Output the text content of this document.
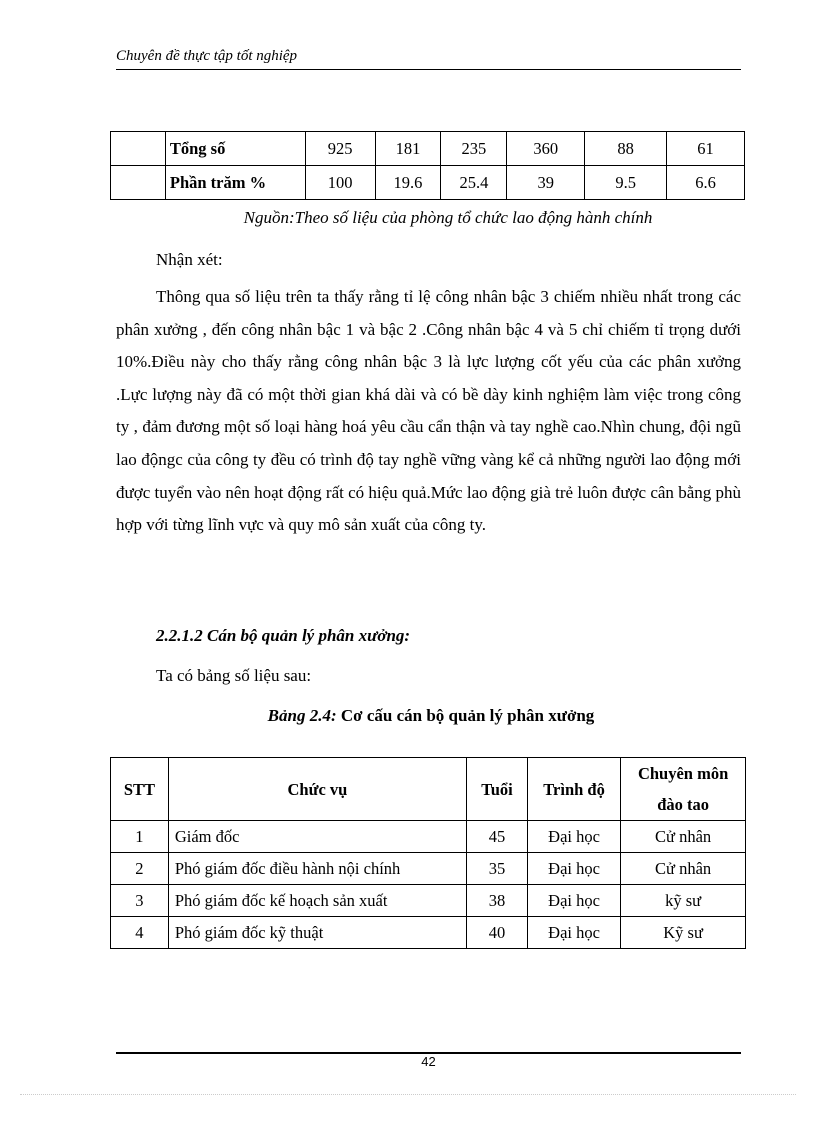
Chuyên đề thực tập tốt nghiệp
	Tổng số	925	181	235	360	88	61
	Phần trăm %	100	19.6	25.4	39	9.5	6.6
Nguồn:Theo số liệu của phòng tổ chức lao động hành chính
Nhận xét:
Thông qua số liệu trên ta thấy rằng tỉ lệ công nhân bậc 3 chiếm nhiều nhất trong các phân xưởng , đến công nhân bậc 1 và bậc 2 .Công nhân bậc 4 và 5 chỉ chiếm tỉ trọng dưới 10%.Điều này cho thấy rằng công nhân bậc 3 là lực lượng cốt yếu của các phân xưởng .Lực lượng này đã có một thời gian khá dài và có bề dày kinh nghiệm làm việc trong công ty , đảm đương một số loại hàng hoá yêu cầu cẩn thận và tay nghề cao.Nhìn chung, đội ngũ lao độngc của công ty đều có trình độ tay nghề vững vàng kể cả những người lao động mới được tuyển vào nên hoạt động rất có hiệu quả.Mức lao động già trẻ luôn được cân bằng phù hợp với từng lĩnh vực và quy mô sản xuất của công ty.
2.2.1.2 Cán bộ quản lý phân xưởng:
Ta có bảng số liệu sau:
Bảng 2.4: Cơ cấu cán bộ quản lý phân xưởng
STT	Chức vụ	Tuổi	Trình độ	Chuyên môn
đào tao

1	Giám đốc	45	Đại học	Cử nhân
2	Phó giám đốc điều hành nội chính	35	Đại học	Cử nhân
3	Phó giám đốc kế hoạch sản xuất	38	Đại học	kỹ sư
4	Phó giám đốc kỹ thuật	40	Đại học	Kỹ sư
42
